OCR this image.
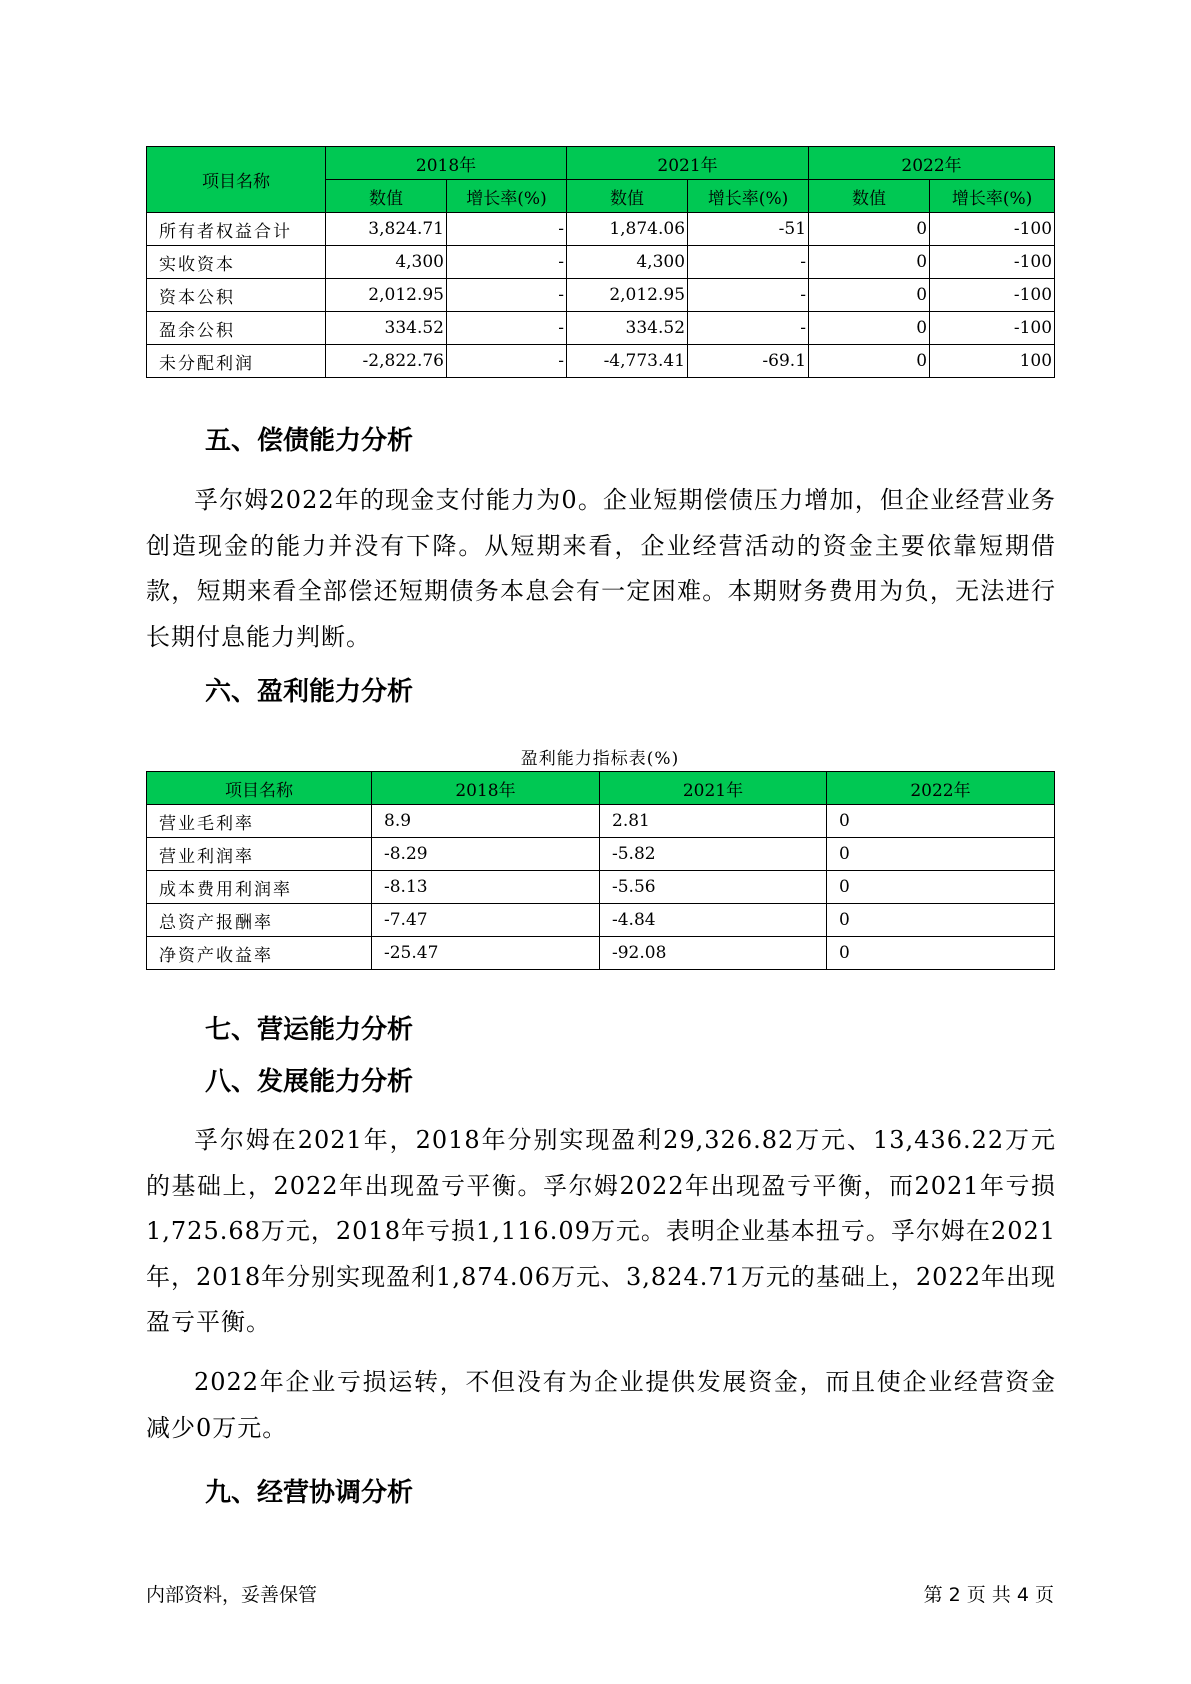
项目名称	2018年		2021年		2022年	
	数值	增长率(%)	数值	增长率(%)	数值	增长率(%)
所有者权益合计	3,824.71	-	1,874.06	-51	0	-100
实收资本	4,300	-	4,300	-	0	-100
资本公积	2,012.95	-	2,012.95	-	0	-100
盈余公积	334.52	-	334.52	-	0	-100
未分配利润	-2,822.76	-	-4,773.41	-69.1	0	100
五、偿债能力分析
孚尔姆2022年的现金支付能力为0。企业短期偿债压力增加，但企业经营业务创造现金的能力并没有下降。从短期来看，企业经营活动的资金主要依靠短期借款，短期来看全部偿还短期债务本息会有一定困难。本期财务费用为负，无法进行长期付息能力判断。
六、盈利能力分析
盈利能力指标表(%)
项目名称	2018年	2021年	2022年
营业毛利率	8.9	2.81	0
营业利润率	-8.29	-5.82	0
成本费用利润率	-8.13	-5.56	0
总资产报酬率	-7.47	-4.84	0
净资产收益率	-25.47	-92.08	0
七、营运能力分析
八、发展能力分析
孚尔姆在2021年，2018年分别实现盈利29,326.82万元、13,436.22万元的基础上，2022年出现盈亏平衡。孚尔姆2022年出现盈亏平衡，而2021年亏损1,725.68万元，2018年亏损1,116.09万元。表明企业基本扭亏。孚尔姆在2021年，2018年分别实现盈利1,874.06万元、3,824.71万元的基础上，2022年出现盈亏平衡。
2022年企业亏损运转，不但没有为企业提供发展资金，而且使企业经营资金减少0万元。
九、经营协调分析
内部资料，妥善保管	第 2 页 共 4 页
